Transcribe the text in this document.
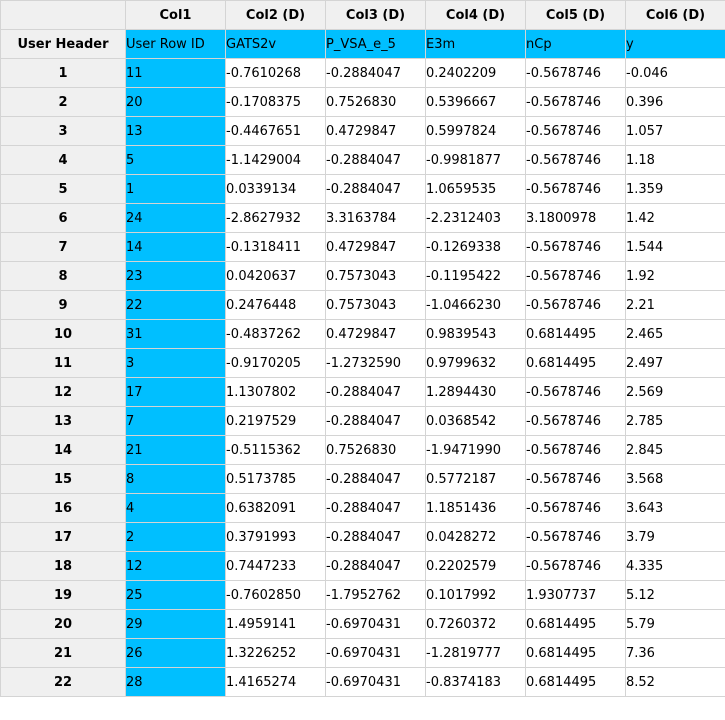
	Col1	Col2 (D)	Col3 (D)	Col4 (D)	Col5 (D)	Col6 (D)
User Header	User Row ID	GATS2v	P_VSA_e_5	E3m	nCp	y
1	11	-0.7610268	-0.2884047	0.2402209	-0.5678746	-0.046
2	20	-0.1708375	0.7526830	0.5396667	-0.5678746	0.396
3	13	-0.4467651	0.4729847	0.5997824	-0.5678746	1.057
4	5	-1.1429004	-0.2884047	-0.9981877	-0.5678746	1.18
5	1	0.0339134	-0.2884047	1.0659535	-0.5678746	1.359
6	24	-2.8627932	3.3163784	-2.2312403	3.1800978	1.42
7	14	-0.1318411	0.4729847	-0.1269338	-0.5678746	1.544
8	23	0.0420637	0.7573043	-0.1195422	-0.5678746	1.92
9	22	0.2476448	0.7573043	-1.0466230	-0.5678746	2.21
10	31	-0.4837262	0.4729847	0.9839543	0.6814495	2.465
11	3	-0.9170205	-1.2732590	0.9799632	0.6814495	2.497
12	17	1.1307802	-0.2884047	1.2894430	-0.5678746	2.569
13	7	0.2197529	-0.2884047	0.0368542	-0.5678746	2.785
14	21	-0.5115362	0.7526830	-1.9471990	-0.5678746	2.845
15	8	0.5173785	-0.2884047	0.5772187	-0.5678746	3.568
16	4	0.6382091	-0.2884047	1.1851436	-0.5678746	3.643
17	2	0.3791993	-0.2884047	0.0428272	-0.5678746	3.79
18	12	0.7447233	-0.2884047	0.2202579	-0.5678746	4.335
19	25	-0.7602850	-1.7952762	0.1017992	1.9307737	5.12
20	29	1.4959141	-0.6970431	0.7260372	0.6814495	5.79
21	26	1.3226252	-0.6970431	-1.2819777	0.6814495	7.36
22	28	1.4165274	-0.6970431	-0.8374183	0.6814495	8.52
